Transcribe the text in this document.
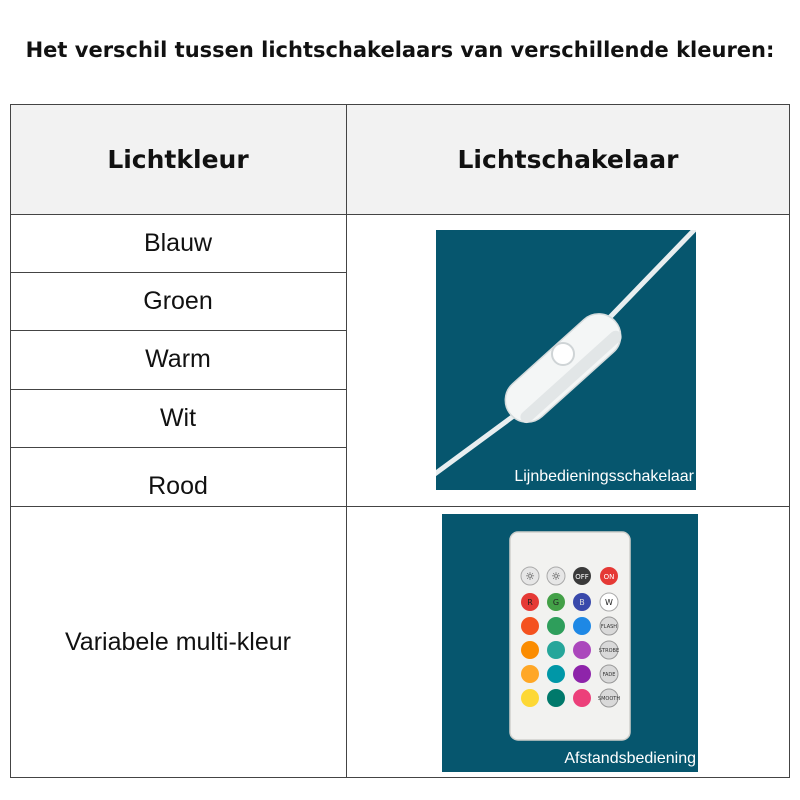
Het verschil tussen lichtschakelaars van verschillende kleuren:
Lichtkleur	Lichtschakelaar
Blauw
Groen
Warm
Wit
Rood
Variabele multi-kleur
Lijnbedieningsschakelaar
☼ ☼ OFF ON
R	G	B	W
FLASH
STROBE
FADE
SMOOTH
Afstandsbediening
